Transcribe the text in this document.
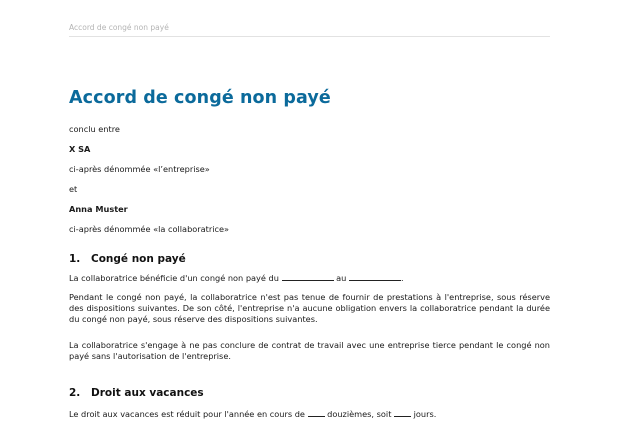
Accord de congé non payé
Accord de congé non payé

conclu entre

X SA

ci-après dénommée «l’entreprise»

et

Anna Muster

ci-après dénommée «la collaboratrice»

1. Congé non payé

La collaboratrice bénéficie d'un congé non payé du	au	.

Pendant le congé non payé, la collaboratrice n'est pas tenue de fournir de prestations à l'entreprise, sous réserve des dispositions suivantes. De son côté, l'entreprise n'a aucune obligation envers la collaboratrice pendant la durée du congé non payé, sous réserve des dispositions suivantes.

La collaboratrice s'engage à ne pas conclure de contrat de travail avec une entreprise tierce pendant le congé non payé sans l'autorisation de l'entreprise.

2. Droit aux vacances

Le droit aux vacances est réduit pour l'année en cours de  douzièmes, soit  jours.
